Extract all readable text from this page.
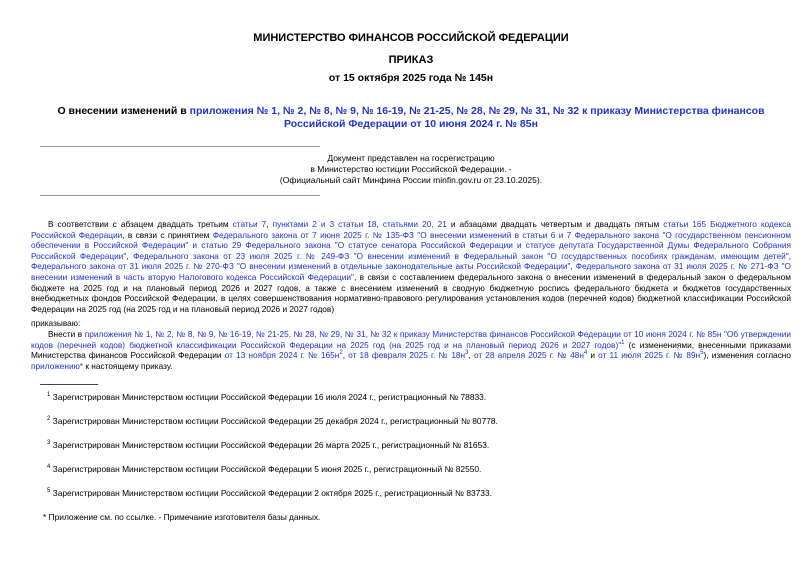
МИНИСТЕРСТВО ФИНАНСОВ РОССИЙСКОЙ ФЕДЕРАЦИИ
ПРИКАЗ
от 15 октября 2025 года № 145н
О внесении изменений в приложения № 1, № 2, № 8, № 9, № 16-19, № 21-25, № 28, № 29, № 31, № 32 к приказу Министерства финансов Российской Федерации от 10 июня 2024 г. № 85н
Документ представлен на госрегистрацию
в Министерство юстиции Российской Федерации. -
(Официальный сайт Минфина России minfin.gov.ru от 23.10.2025).
В соответствии с абзацем двадцать третьим статьи 7, пунктами 2 и 3 статьи 18, статьями 20, 21 и абзацами двадцать четвертым и двадцать пятым статьи 165 Бюджетного кодекса Российской Федерации, в связи с принятием Федерального закона от 7 июня 2025 г. № 135-ФЗ "О внесении изменений в статьи 6 и 7 Федерального закона "О государственном пенсионном обеспечении в Российской Федерации" и статью 29 Федерального закона "О статусе сенатора Российской Федерации и статусе депутата Государственной Думы Федерального Собрания Российской Федерации", Федерального закона от 23 июля 2025 г. № 249-ФЗ "О внесении изменений в Федеральный закон "О государственных пособиях гражданам, имеющим детей", Федерального закона от 31 июля 2025 г. № 270-ФЗ "О внесении изменений в отдельные законодательные акты Российской Федерации", Федерального закона от 31 июля 2025 г. № 271-ФЗ "О внесении изменений в часть вторую Налогового кодекса Российской Федерации", в связи с составлением федерального закона о внесении изменений в федеральный закон о федеральном бюджете на 2025 год и на плановый период 2026 и 2027 годов, а также с внесением изменений в сводную бюджетную роспись федерального бюджета и бюджетов государственных внебюджетных фондов Российской Федерации, в целях совершенствования нормативно-правового регулирования установления кодов (перечней кодов) бюджетной классификации Российской Федерации на 2025 год (на 2025 год и на плановый период 2026 и 2027 годов)
приказываю:
Внести в приложения № 1, № 2, № 8, № 9, № 16-19, № 21-25, № 28, № 29, № 31, № 32 к приказу Министерства финансов Российской Федерации от 10 июня 2024 г. № 85н "Об утверждении кодов (перечней кодов) бюджетной классификации Российской Федерации на 2025 год (на 2025 год и на плановый период 2026 и 2027 годов)"$^1$ (с изменениями, внесенными приказами Министерства финансов Российской Федерации от 13 ноября 2024 г. № $165н^2$, от 18 февраля 2025 г. № $18н^3$, от 28 апреля 2025 г. № $48н^4$ и от 11 июля 2025 г. № $89н^5$), изменения согласно приложению* к настоящему приказу.
$^1$ Зарегистрирован Министерством юстиции Российской Федерации 16 июля 2024 г., регистрационный № 78833.
$^2$ Зарегистрирован Министерством юстиции Российской Федерации 25 декабря 2024 г., регистрационный № 80778.
$^3$ Зарегистрирован Министерством юстиции Российской Федерации 26 марта 2025 г., регистрационный № 81653.
$^4$ Зарегистрирован Министерством юстиции Российской Федерации 5 июня 2025 г., регистрационный № 82550.
$^5$ Зарегистрирован Министерством юстиции Российской Федерации 2 октября 2025 г., регистрационный № 83733.
* Приложение см. по ссылке. - Примечание изготовителя базы данных.
